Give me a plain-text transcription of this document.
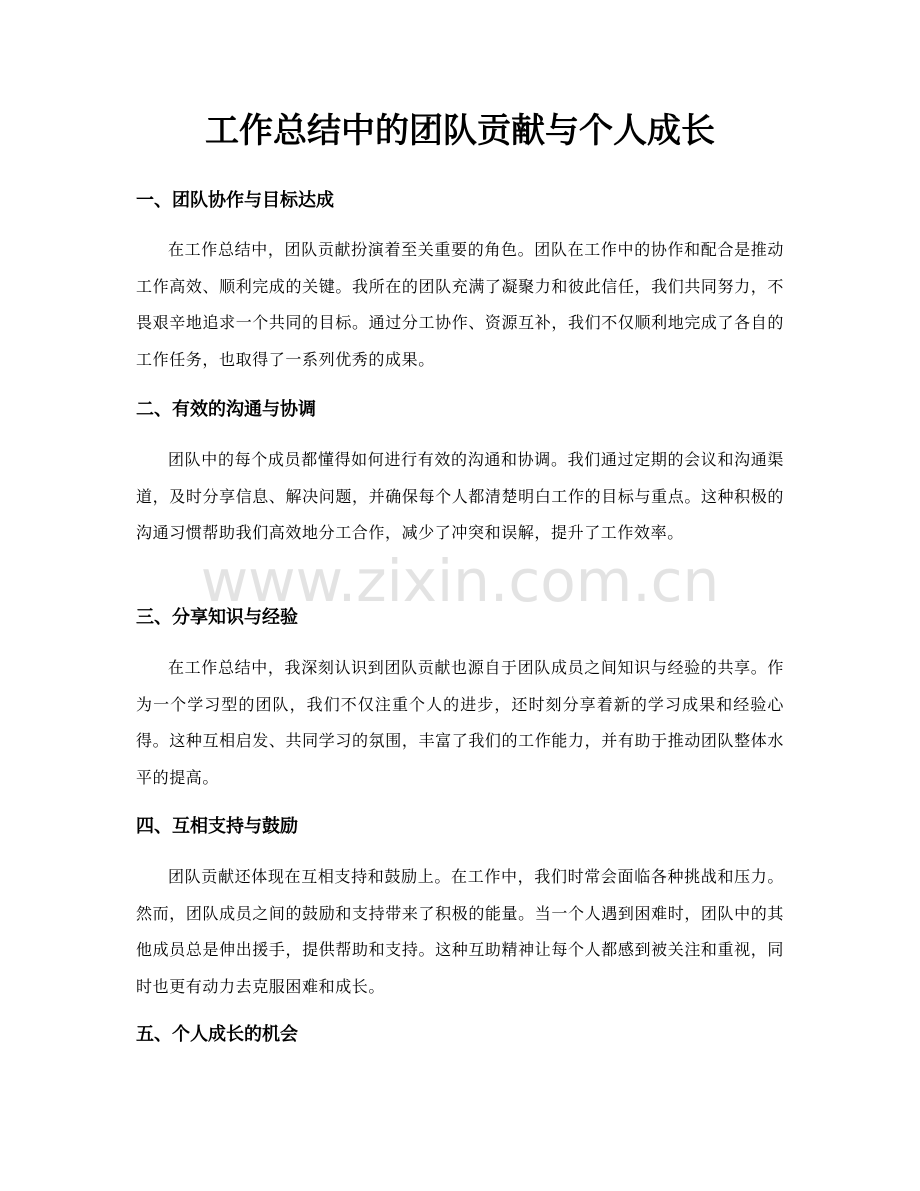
工作总结中的团队贡献与个人成长
一、团队协作与目标达成

在工作总结中，团队贡献扮演着至关重要的角色。团队在工作中的协作和配合是推动工作高效、顺利完成的关键。我所在的团队充满了凝聚力和彼此信任，我们共同努力，不畏艰辛地追求一个共同的目标。通过分工协作、资源互补，我们不仅顺利地完成了各自的工作任务，也取得了一系列优秀的成果。

二、有效的沟通与协调

团队中的每个成员都懂得如何进行有效的沟通和协调。我们通过定期的会议和沟通渠道，及时分享信息、解决问题，并确保每个人都清楚明白工作的目标与重点。这种积极的沟通习惯帮助我们高效地分工合作，减少了冲突和误解，提升了工作效率。

三、分享知识与经验

在工作总结中，我深刻认识到团队贡献也源自于团队成员之间知识与经验的共享。作为一个学习型的团队，我们不仅注重个人的进步，还时刻分享着新的学习成果和经验心得。这种互相启发、共同学习的氛围，丰富了我们的工作能力，并有助于推动团队整体水平的提高。

四、互相支持与鼓励

团队贡献还体现在互相支持和鼓励上。在工作中，我们时常会面临各种挑战和压力。然而，团队成员之间的鼓励和支持带来了积极的能量。当一个人遇到困难时，团队中的其他成员总是伸出援手，提供帮助和支持。这种互助精神让每个人都感到被关注和重视，同时也更有动力去克服困难和成长。

五、个人成长的机会
www.zixin.com.cn
